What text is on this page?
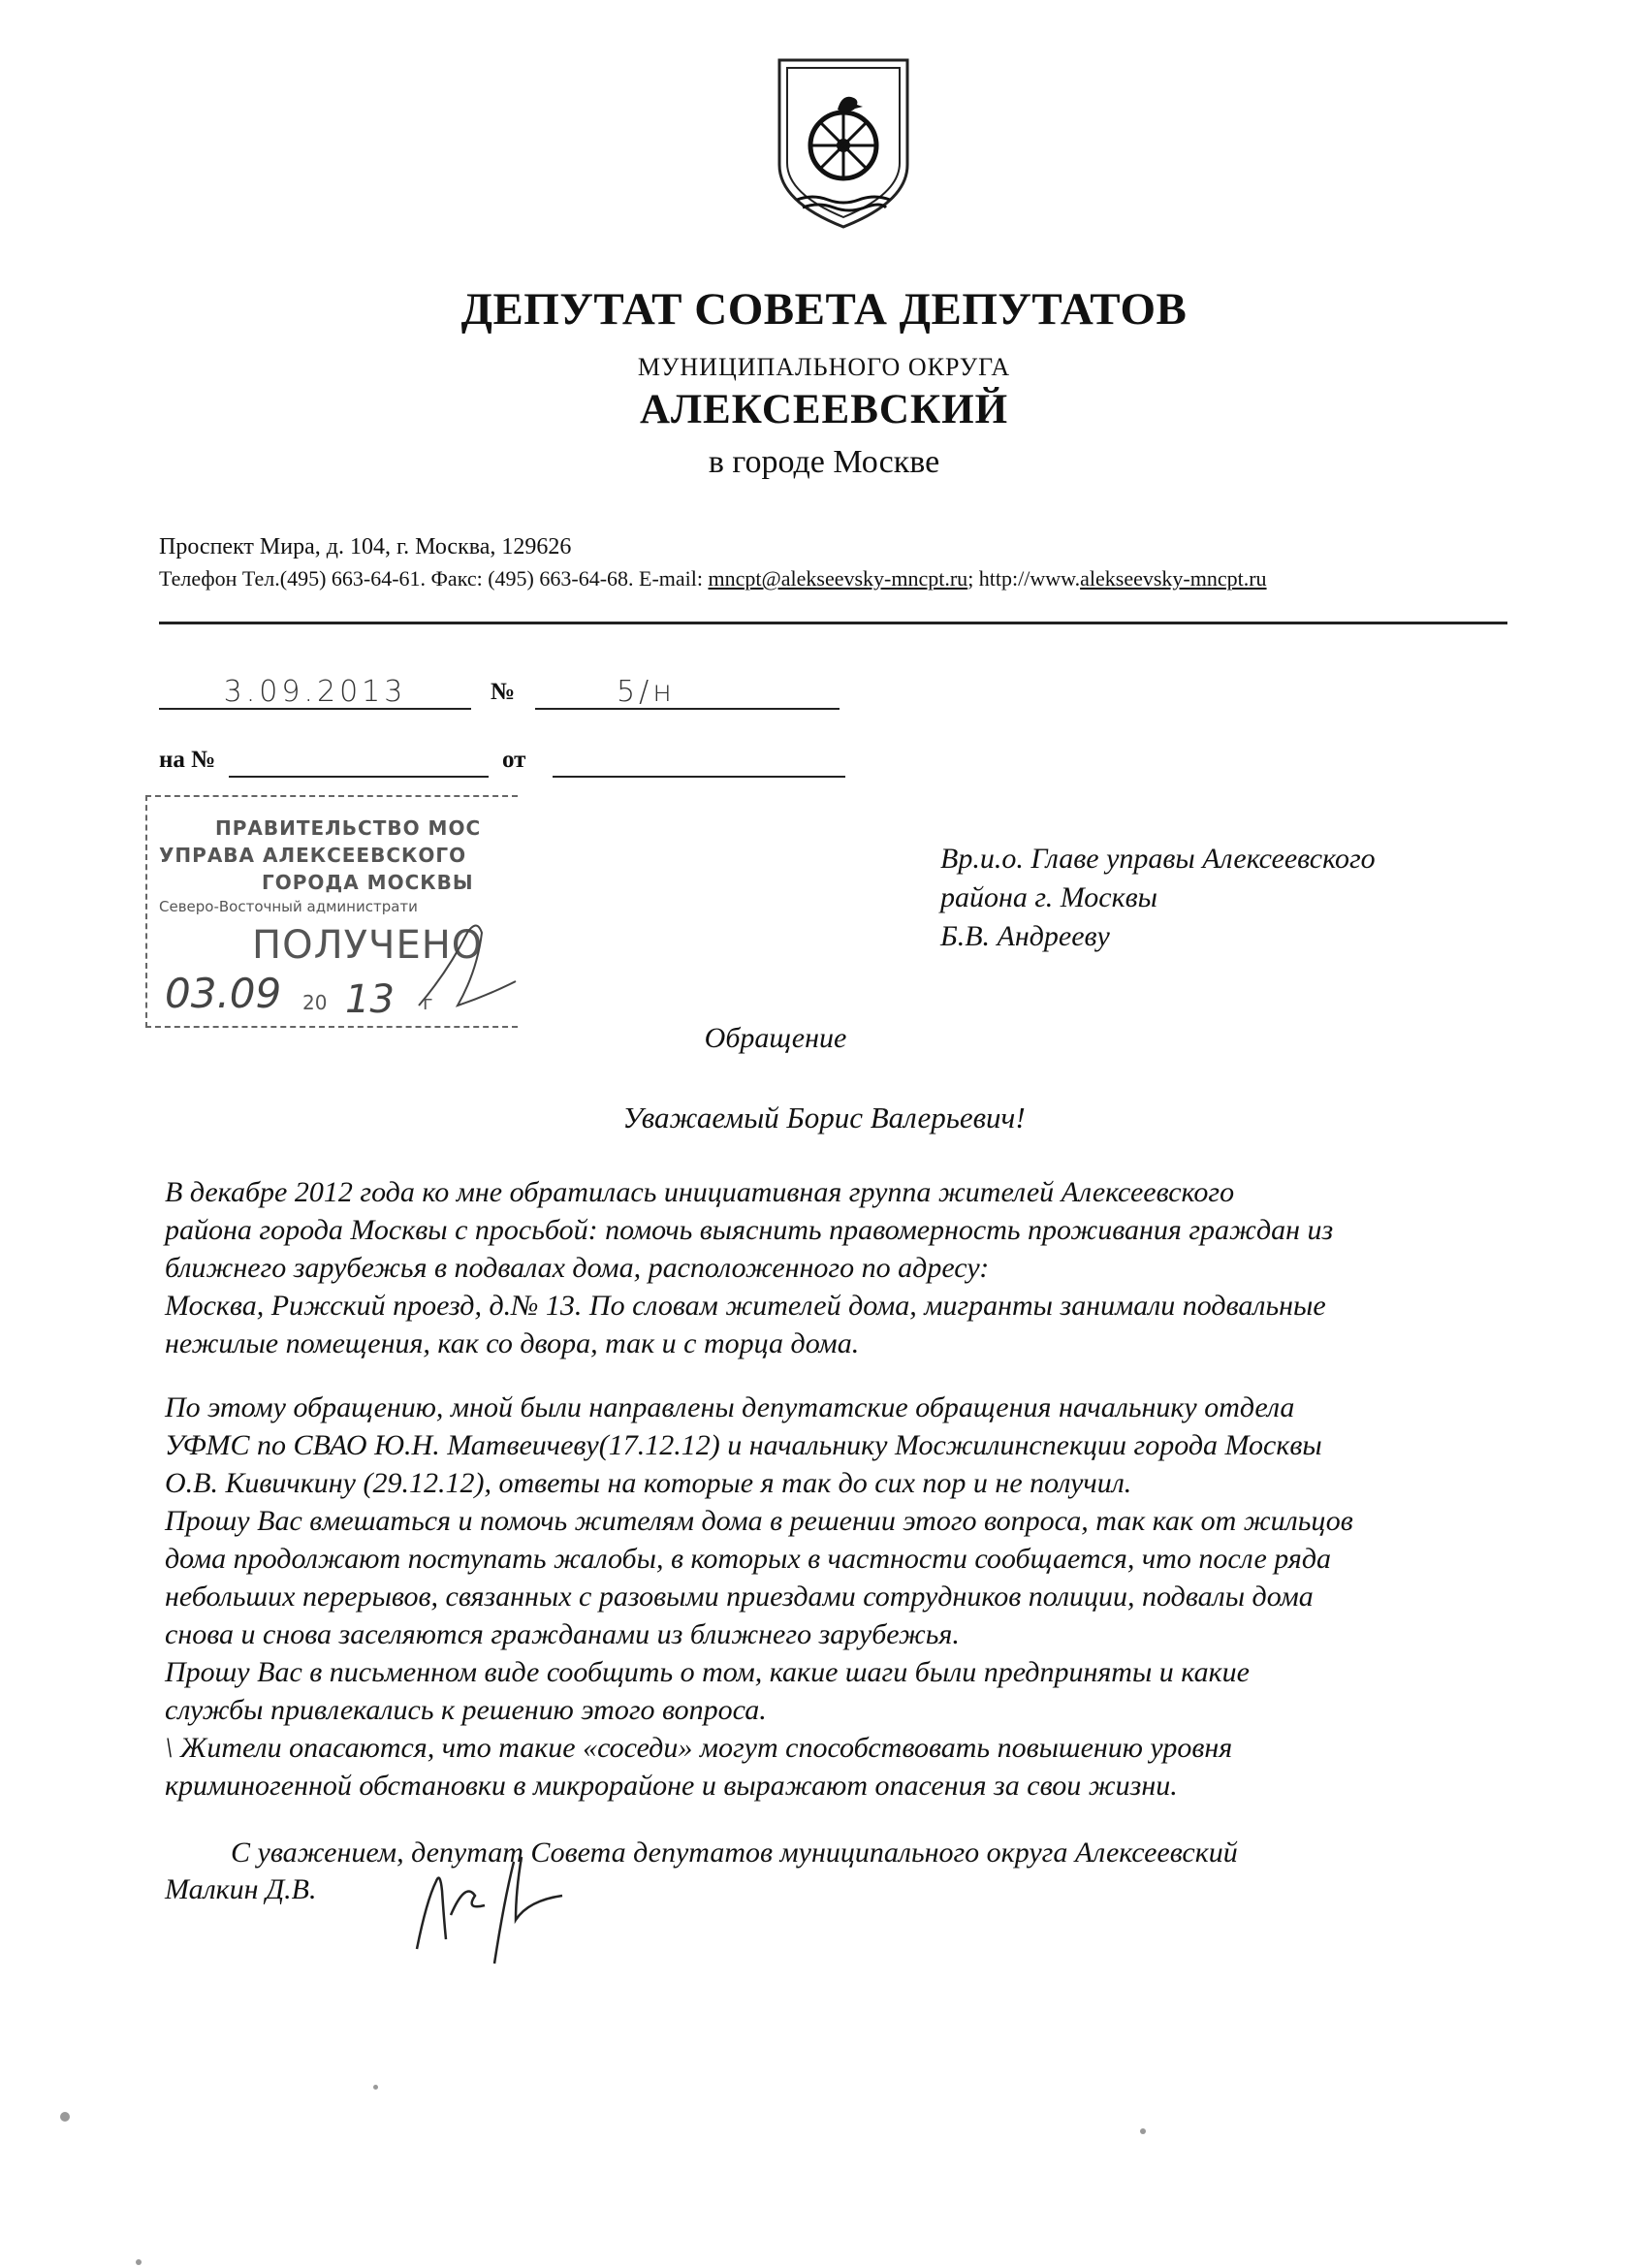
ДЕПУТАТ СОВЕТА ДЕПУТАТОВ
МУНИЦИПАЛЬНОГО ОКРУГА
АЛЕКСЕЕВСКИЙ
в городе Москве
Проспект Мира, д. 104, г. Москва, 129626
Телефон Тел.(495) 663-64-61. Факс: (495) 663-64-68. E-mail: mncpt@alekseevsky-mncpt.ru; http://www.alekseevsky-mncpt.ru
3.09.2013	№	5/н
на №	от
ПРАВИТЕЛЬСТВО МОС
УПРАВА АЛЕКСЕЕВСКОГО
ГОРОДА МОСКВЫ
Северо-Восточный администрати
ПОЛУЧЕНО
03.09 20 13 г
Вр.и.о. Главе управы Алексеевского
района г. Москвы
Б.В. Андрееву
Обращение
Уважаемый Борис Валерьевич!
В декабре 2012 года ко мне обратилась инициативная группа жителей Алексеевского
района города Москвы с просьбой: помочь выяснить правомерность проживания граждан из
ближнего зарубежья в подвалах дома, расположенного по адресу:
Москва, Рижский проезд, д.№ 13. По словам жителей дома, мигранты занимали подвальные
нежилые помещения, как со двора, так и с торца дома.
По этому обращению, мной были направлены депутатские обращения начальнику отдела
УФМС по СВАО Ю.Н. Матвеичеву(17.12.12) и начальнику Мосжилинспекции города Москвы
О.В. Кивичкину (29.12.12), ответы на которые я так до сих пор и не получил.
Прошу Вас вмешаться и помочь жителям дома в решении этого вопроса, так как от жильцов
дома продолжают поступать жалобы, в которых в частности сообщается, что после ряда
небольших перерывов, связанных с разовыми приездами сотрудников полиции, подвалы дома
снова и снова заселяются гражданами из ближнего зарубежья.
Прошу Вас в письменном виде сообщить о том, какие шаги были предприняты и какие
службы привлекались к решению этого вопроса.
\ Жители опасаются, что такие «соседи» могут способствовать повышению уровня
криминогенной обстановки в микрорайоне и выражают опасения за свои жизни.
С уважением, депутат Совета депутатов муниципального округа Алексеевский
Малкин Д.В.
